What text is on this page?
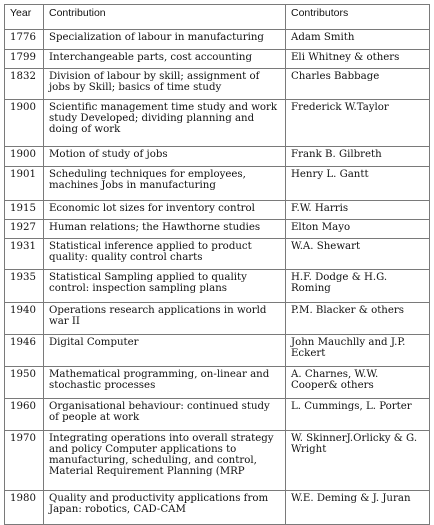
Year	Contribution	Contributors
1776	Specialization of labour in manufacturing	Adam Smith
1799	Interchangeable parts, cost accounting	Eli Whitney & others
1832	Division of labour by skill; assignment of jobs by Skill; basics of time study	Charles Babbage
1900	Scientific management time study and work study Developed; dividing planning and doing of work	Frederick W.Taylor
1900	Motion of study of jobs	Frank B. Gilbreth
1901	Scheduling techniques for employees, machines Jobs in manufacturing	Henry L. Gantt
1915	Economic lot sizes for inventory control	F.W. Harris
1927	Human relations; the Hawthorne studies	Elton Mayo
1931	Statistical inference applied to product quality: quality control charts	W.A. Shewart
1935	Statistical Sampling applied to quality control: inspection sampling plans	H.F. Dodge & H.G. Roming
1940	Operations research applications in world war II	P.M. Blacker & others
1946	Digital Computer	John Mauchlly and J.P. Eckert
1950	Mathematical programming, on-linear and stochastic processes	A. Charnes, W.W. Cooper& others
1960	Organisational behaviour: continued study of people at work	L. Cummings, L. Porter
1970	Integrating operations into overall strategy and policy Computer applications to manufacturing, scheduling, and control, Material Requirement Planning (MRP	W. SkinnerJ.Orlicky & G. Wright
1980	Quality and productivity applications from Japan: robotics, CAD-CAM	W.E. Deming & J. Juran
